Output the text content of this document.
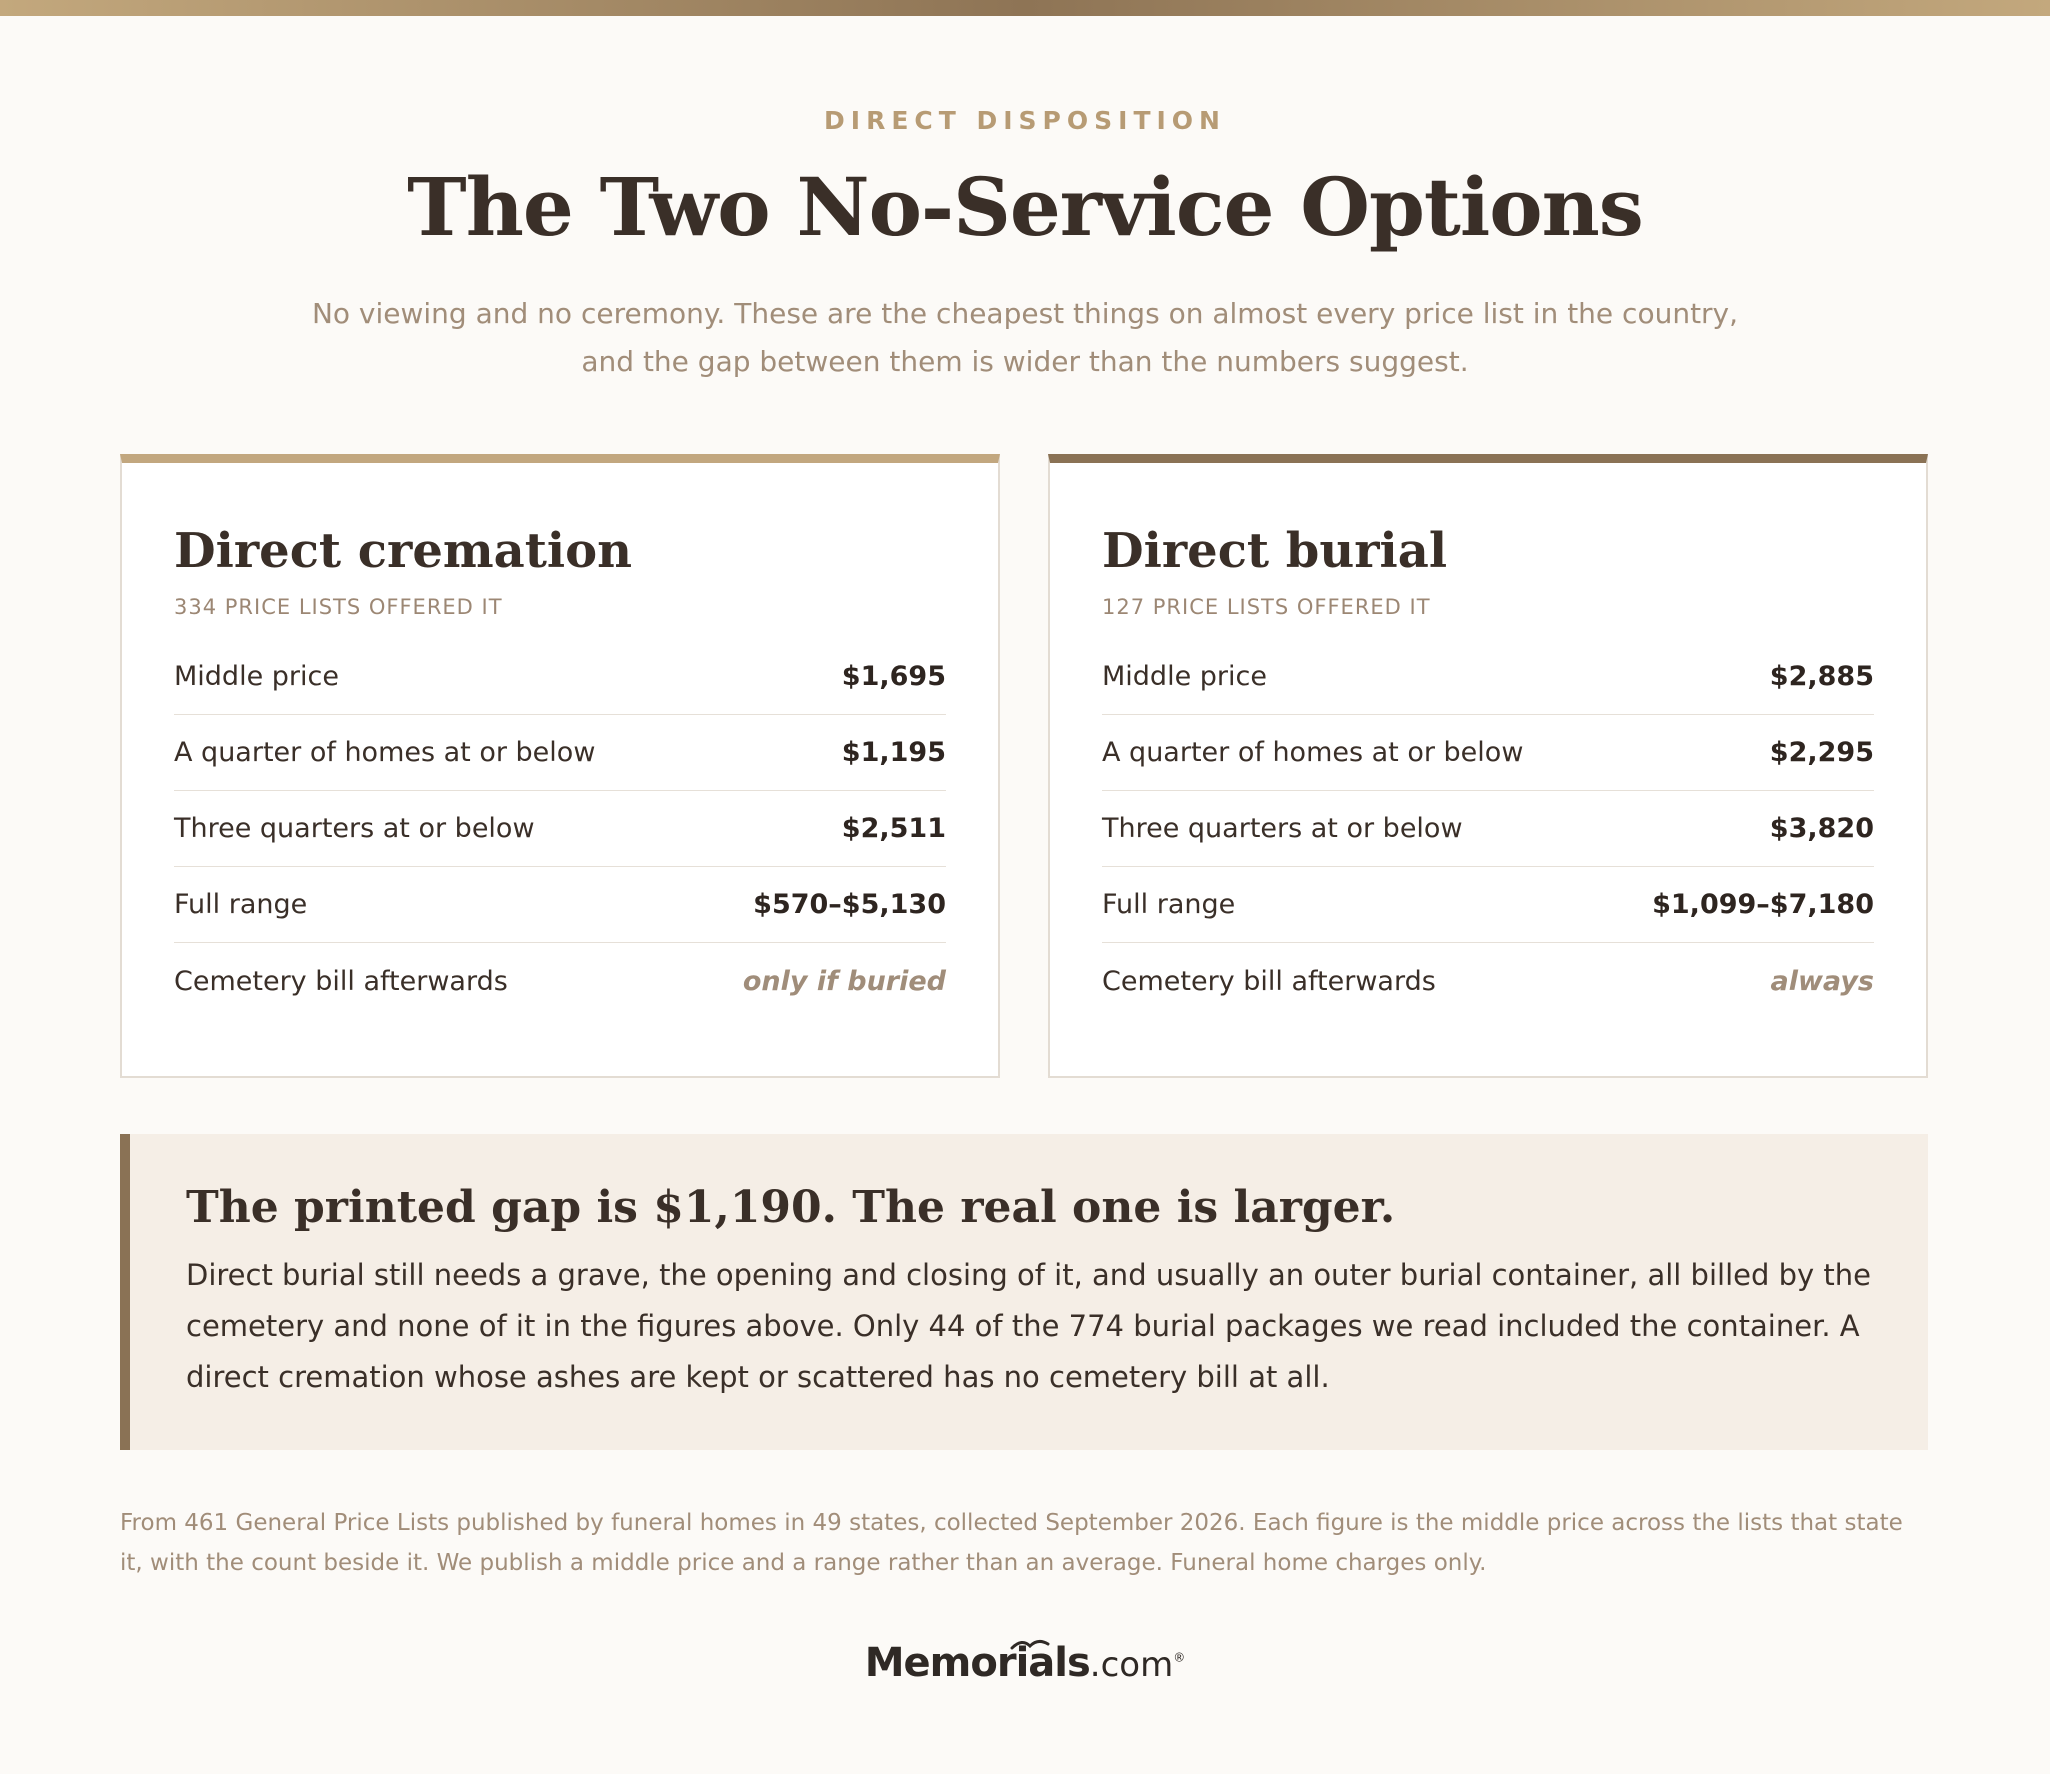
DIRECT DISPOSITION
The Two No-Service Options

No viewing and no ceremony. These are the cheapest things on almost every price list in the country, and the gap between them is wider than the numbers suggest.

Direct cremation
334 PRICE LISTS OFFERED IT
Middle price	$1,695
A quarter of homes at or below	$1,195
Three quarters at or below	$2,511
Full range	$570–$5,130
Cemetery bill afterwards	only if buried
Direct burial
127 PRICE LISTS OFFERED IT
Middle price	$2,885
A quarter of homes at or below	$2,295
Three quarters at or below	$3,820
Full range	$1,099–$7,180
Cemetery bill afterwards	always
The printed gap is $1,190. The real one is larger.

Direct burial still needs a grave, the opening and closing of it, and usually an outer burial container, all billed by the cemetery and none of it in the figures above. Only 44 of the 774 burial packages we read included the container. A direct cremation whose ashes are kept or scattered has no cemetery bill at all.

From 461 General Price Lists published by funeral homes in 49 states, collected September 2026. Each figure is the middle price across the lists that state it, with the count beside it. We publish a middle price and a range rather than an average. Funeral home charges only.

Memorials.com®
